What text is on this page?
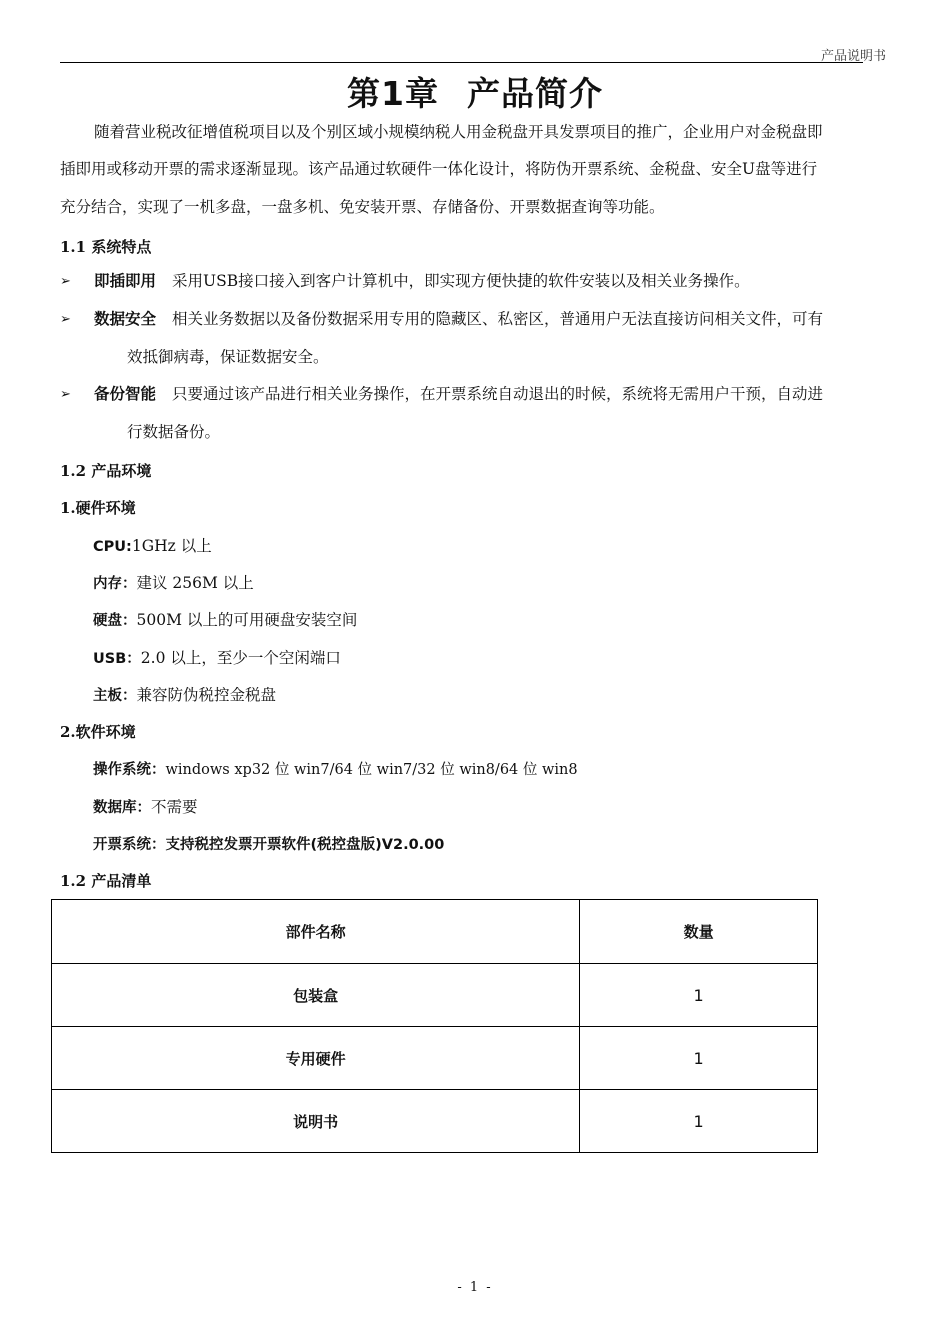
产品说明书
第1章 产品简介
随着营业税改征增值税项目以及个别区域小规模纳税人用金税盘开具发票项目的推广，企业用户对金税盘即
插即用或移动开票的需求逐渐显现。该产品通过软硬件一体化设计，将防伪开票系统、金税盘、安全U盘等进行
充分结合，实现了一机多盘，一盘多机、免安装开票、存储备份、开票数据查询等功能。
1.1 系统特点
➢ 即插即用 采用USB接口接入到客户计算机中，即实现方便快捷的软件安装以及相关业务操作。
➢ 数据安全 相关业务数据以及备份数据采用专用的隐藏区、私密区，普通用户无法直接访问相关文件，可有
效抵御病毒，保证数据安全。
➢ 备份智能 只要通过该产品进行相关业务操作，在开票系统自动退出的时候，系统将无需用户干预，自动进
行数据备份。
1.2 产品环境
1.硬件环境
CPU:1GHz 以上
内存：建议 256M 以上
硬盘：500M 以上的可用硬盘安装空间
USB：2.0 以上，至少一个空闲端口
主板：兼容防伪税控金税盘
2.软件环境
操作系统：windows xp32 位 win7/64 位 win7/32 位 win8/64 位 win8
数据库：不需要
开票系统：支持税控发票开票软件(税控盘版)V2.0.00
1.2 产品清单
部件名称	数量
包装盒	1
专用硬件	1
说明书	1
- 1 -
